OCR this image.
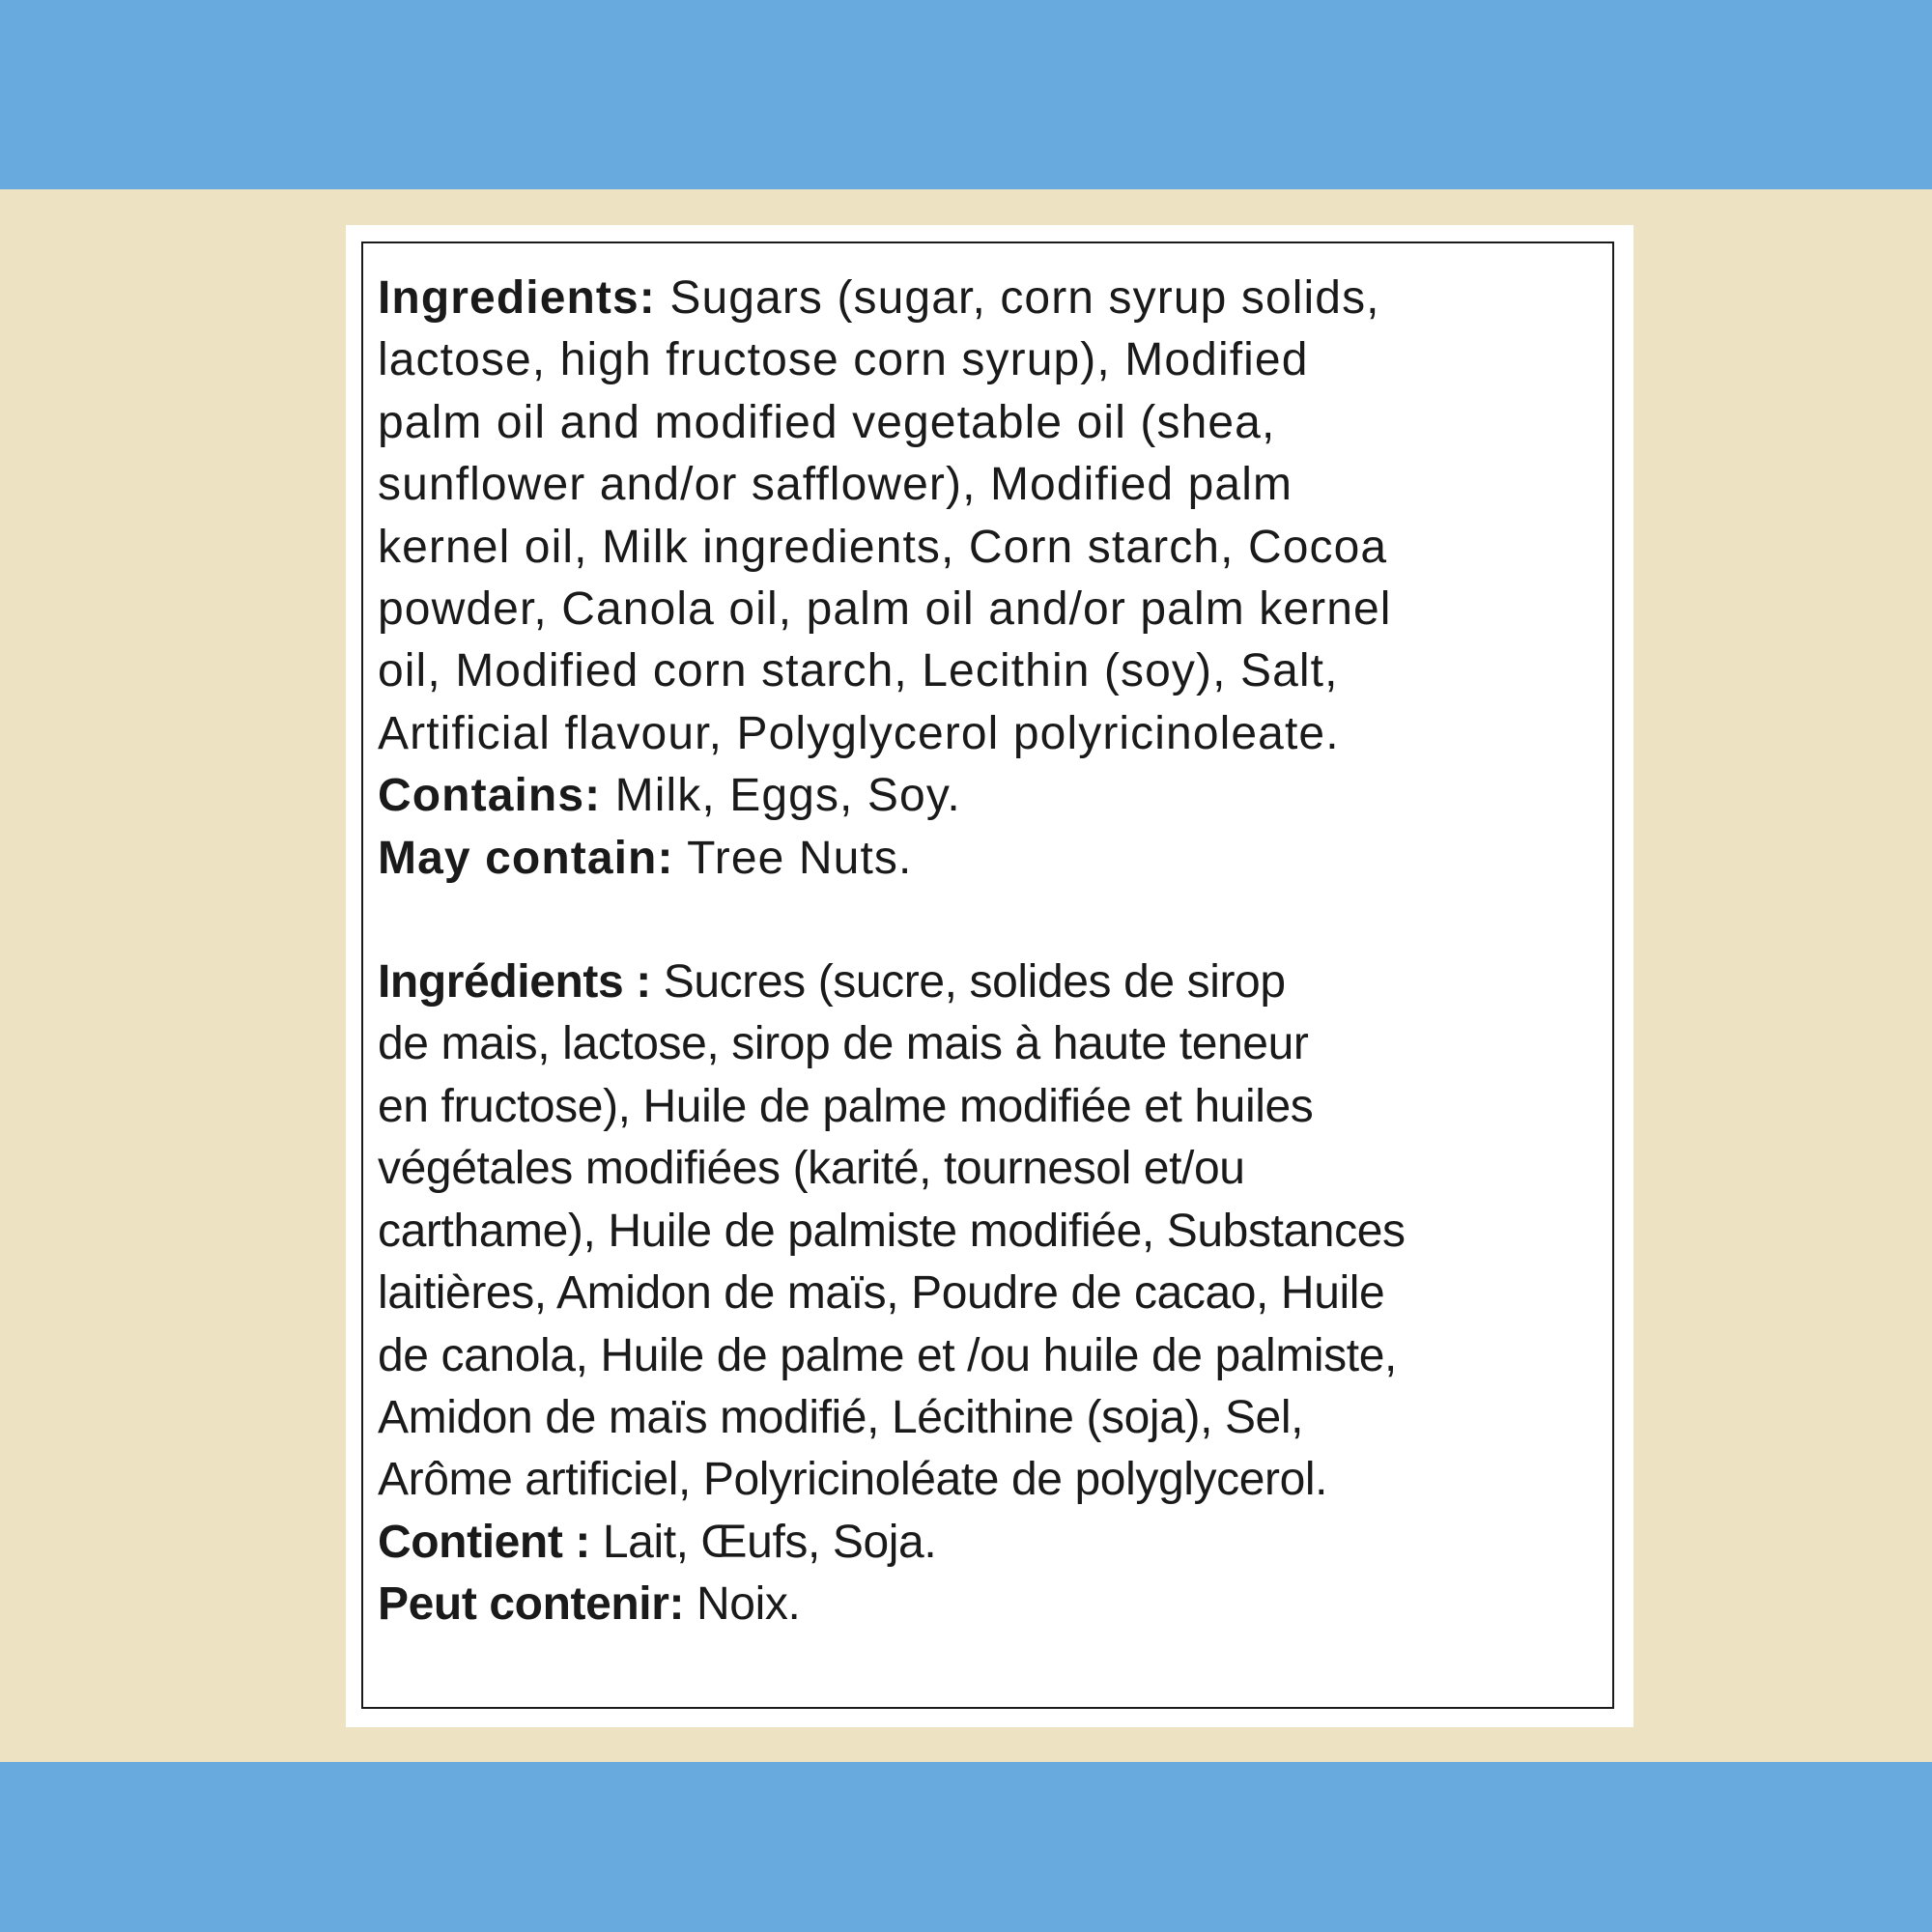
Ingredients: Sugars (sugar, corn syrup solids,
lactose, high fructose corn syrup), Modified
palm oil and modified vegetable oil (shea,
sunflower and/or safflower), Modified palm
kernel oil, Milk ingredients, Corn starch, Cocoa
powder, Canola oil, palm oil and/or palm kernel
oil, Modified corn starch, Lecithin (soy), Salt,
Artificial flavour, Polyglycerol polyricinoleate.
Contains: Milk, Eggs, Soy.
May contain: Tree Nuts.
Ingrédients : Sucres (sucre, solides de sirop
de mais, lactose, sirop de mais à haute teneur
en fructose), Huile de palme modifiée et huiles
végétales modifiées (karité, tournesol et/ou
carthame), Huile de palmiste modifiée, Substances
laitières, Amidon de maïs, Poudre de cacao, Huile
de canola, Huile de palme et /ou huile de palmiste,
Amidon de maïs modifié, Lécithine (soja), Sel,
Arôme artificiel, Polyricinoléate de polyglycerol.
Contient : Lait, Œufs, Soja.
Peut contenir: Noix.
